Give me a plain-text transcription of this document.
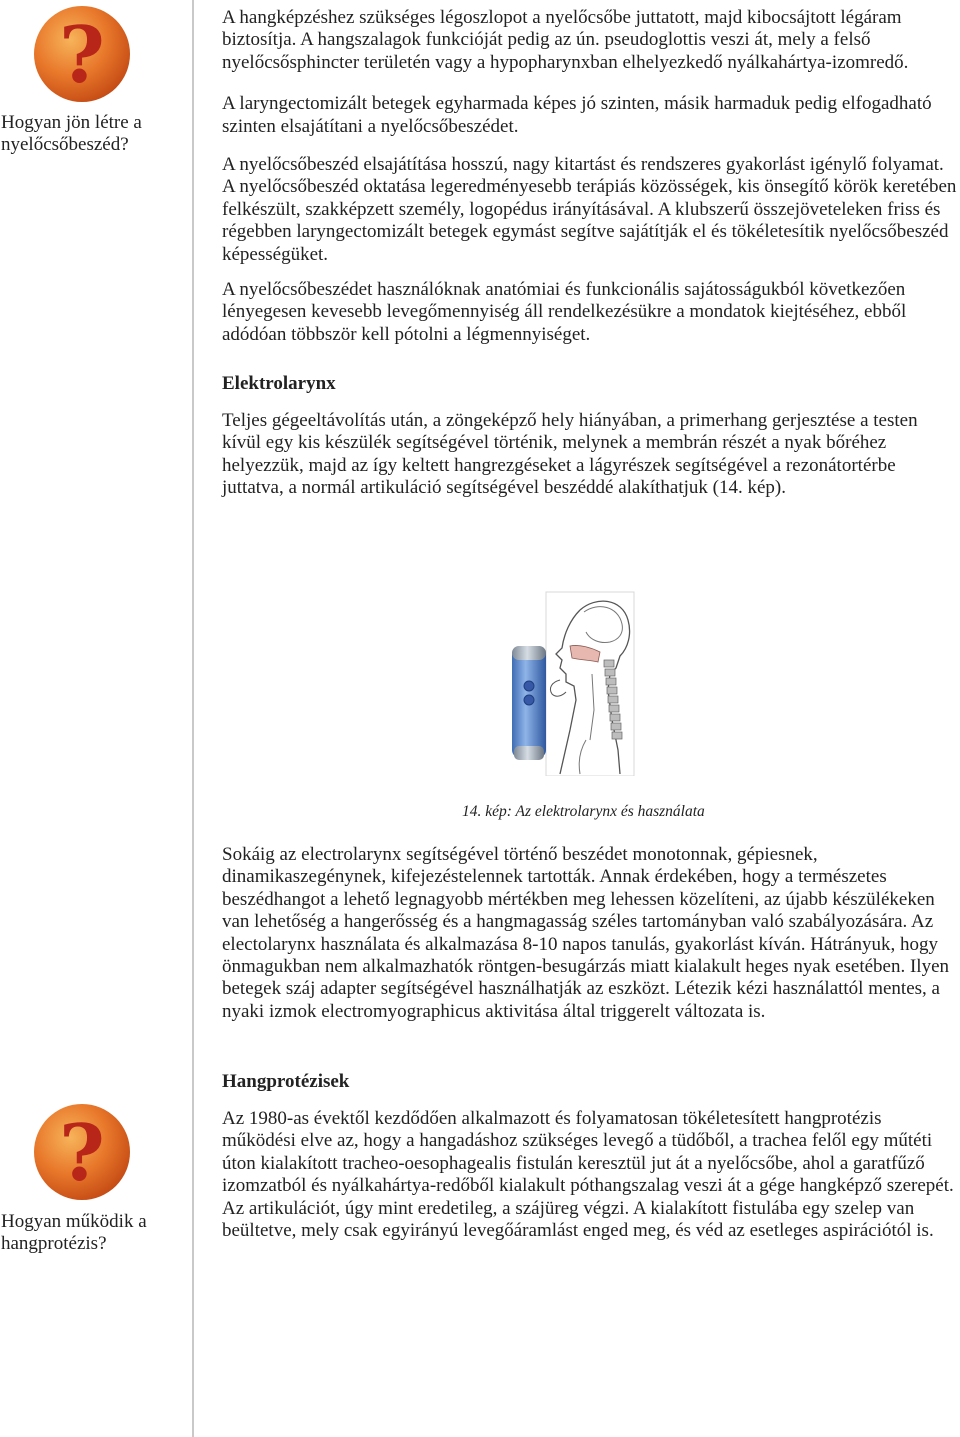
?
Hogyan jön létre a nyelőcsőbeszéd?

A hangképzéshez szükséges légoszlopot a nyelőcsőbe juttatott, majd kibocsájtott légáram biztosítja. A hangszalagok funkcióját pedig az ún. pseudoglottis veszi át, mely a felső nyelőcsősphincter területén vagy a hypopharynxban elhelyezkedő nyálkahártya-izomredő.

A laryngectomizált betegek egyharmada képes jó szinten, másik harmaduk pedig elfogadható szinten elsajátítani a nyelőcsőbeszédet.

A nyelőcsőbeszéd elsajátítása hosszú, nagy kitartást és rendszeres gyakorlást igénylő folyamat. A nyelőcsőbeszéd oktatása legeredményesebb terápiás közösségek, kis önsegítő körök keretében felkészült, szakképzett személy, logopédus irányításával. A klubszerű összejöveteleken friss és régebben laryngectomizált betegek egymást segítve sajátítják el és tökéletesítik nyelőcsőbeszéd képességüket.

A nyelőcsőbeszédet használóknak anatómiai és funkcionális sajátosságukból következően lényegesen kevesebb levegőmennyiség áll rendelkezésükre a mondatok kiejtéséhez, ebből adódóan többször kell pótolni a légmennyiséget.

Elektrolarynx

Teljes gégeeltávolítás után, a zöngeképző hely hiányában, a primerhang gerjesztése a testen kívül egy kis készülék segítségével történik, melynek a membrán részét a nyak bőréhez helyezzük, majd az így keltett hangrezgéseket a lágyrészek segítségével a rezonátortérbe juttatva, a normál artikuláció segítségével beszéddé alakíthatjuk (14. kép).

14. kép: Az elektrolarynx és használata

Sokáig az electrolarynx segítségével történő beszédet monotonnak, gépiesnek, dinamikaszegénynek, kifejezéstelennek tartották. Annak érdekében, hogy a természetes beszédhangot a lehető legnagyobb mértékben meg lehessen közelíteni, az újabb készülékeken van lehetőség a hangerősség és a hangmagasság széles tartományban való szabályozására. Az electolarynx használata és alkalmazása 8-10 napos tanulás, gyakorlást kíván. Hátrányuk, hogy önmagukban nem alkalmazhatók röntgen-besugárzás miatt kialakult heges nyak esetében. Ilyen betegek száj adapter segítségével használhatják az eszközt. Létezik kézi használattól mentes, a nyaki izmok electromyographicus aktivitása által triggerelt változata is.

?
Hogyan működik a hangprotézis?

Hangprotézisek

Az 1980-as évektől kezdődően alkalmazott és folyamatosan tökéletesített hangprotézis működési elve az, hogy a hangadáshoz szükséges levegő a tüdőből, a trachea felől egy műtéti úton kialakított tracheo-oesophagealis fistulán keresztül jut át a nyelőcsőbe, ahol a garatfűző izomzatból és nyálkahártya-redőből kialakult póthangszalag veszi át a gége hangképző szerepét. Az artikulációt, úgy mint eredetileg, a szájüreg végzi. A kialakított fistulába egy szelep van beültetve, mely csak egyirányú levegőáramlást enged meg, és véd az esetleges aspirációtól is.
